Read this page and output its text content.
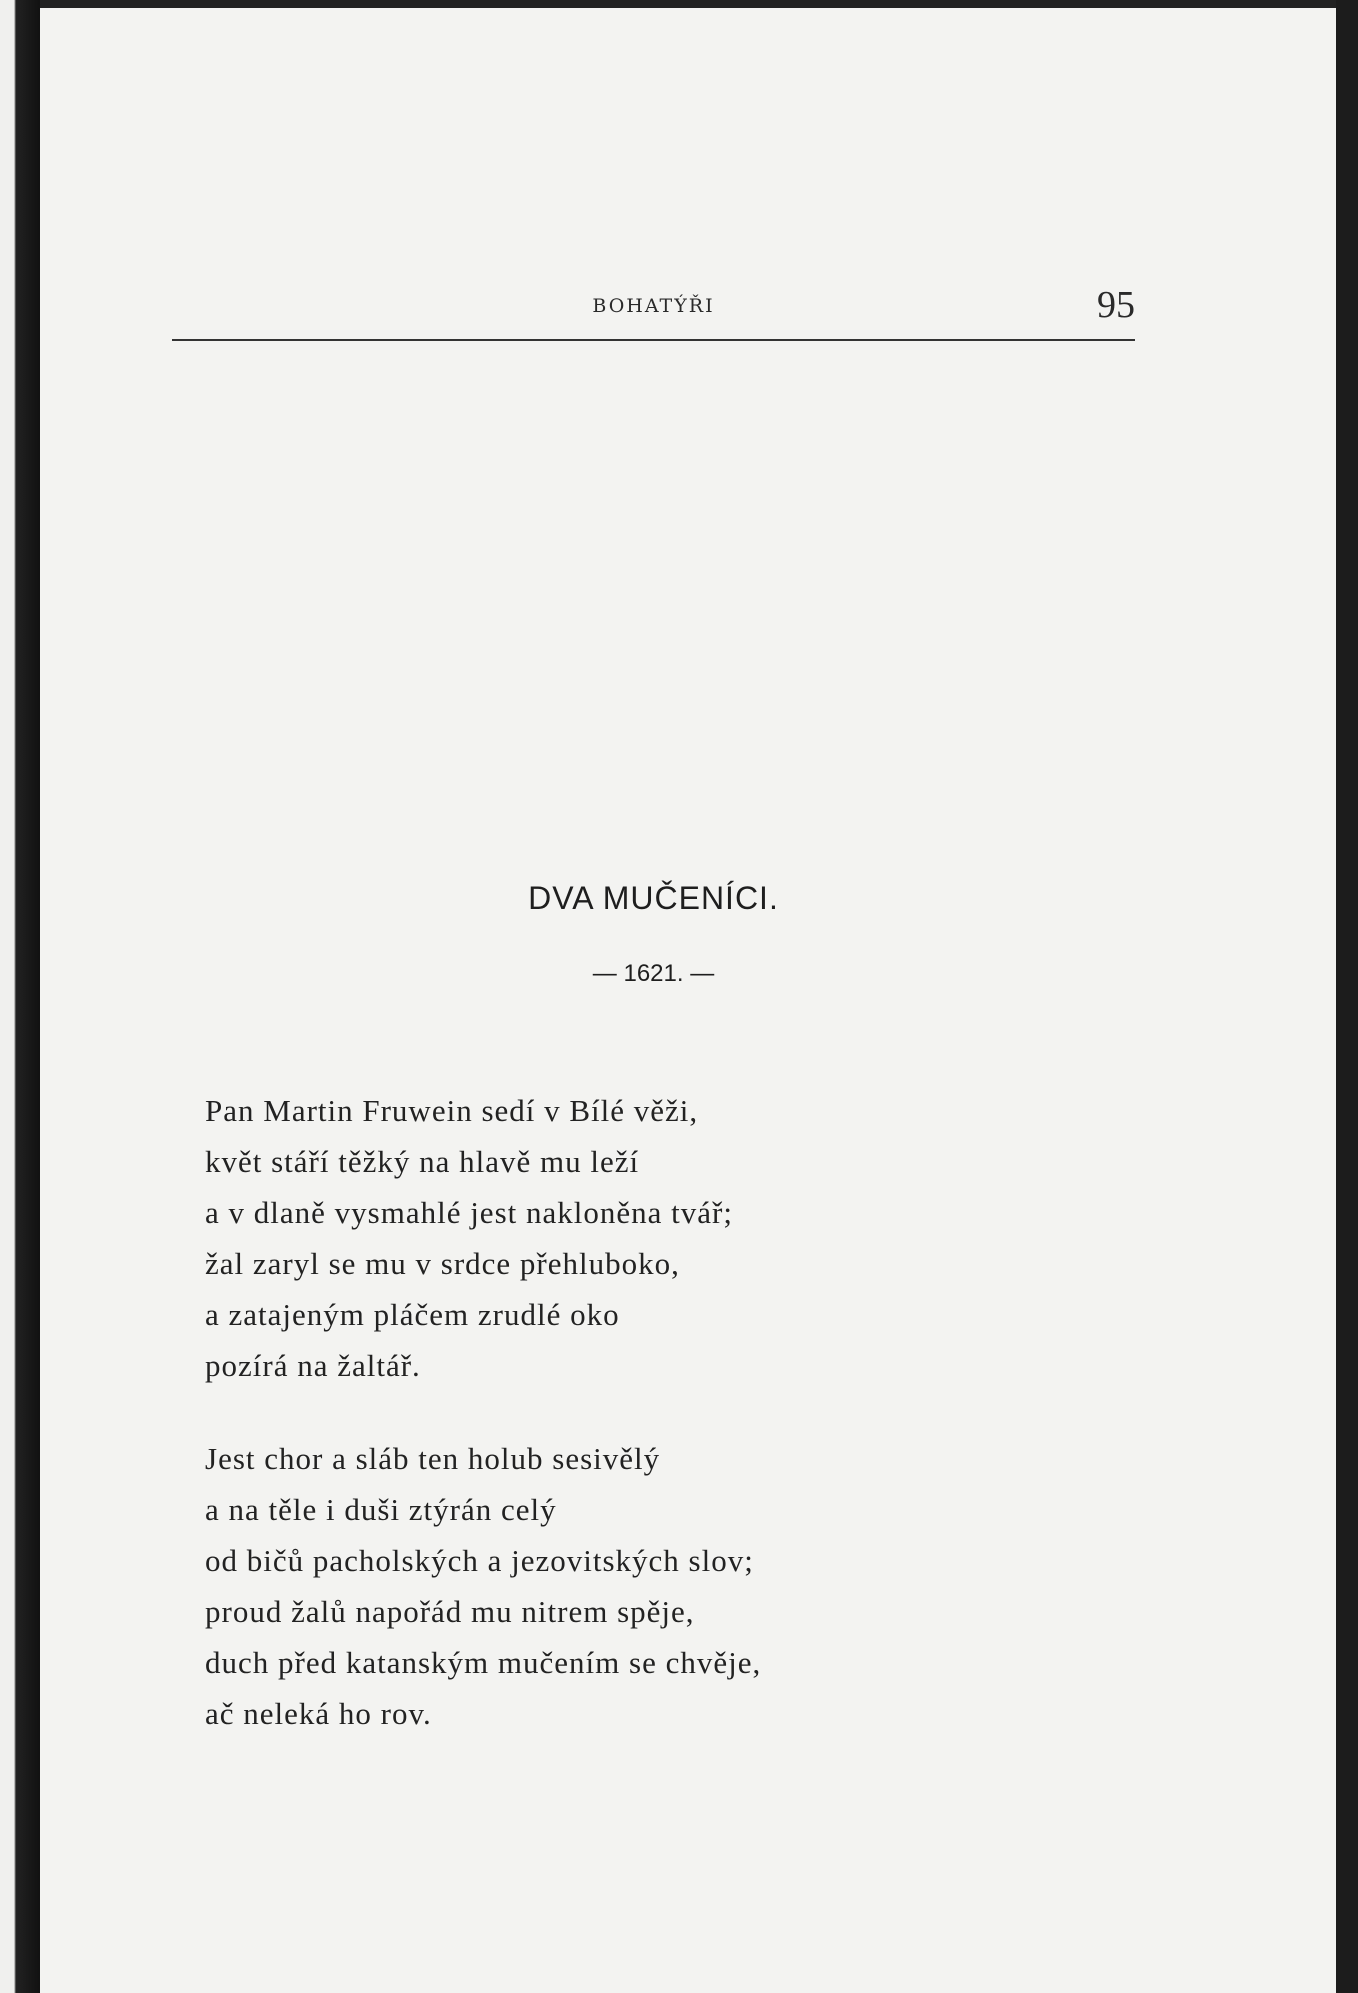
BOHATÝŘI	95
DVA MUČENÍCI.
— 1621. —
Pan Martin Fruwein sedí v Bílé věži,
květ stáří těžký na hlavě mu leží
a v dlaně vysmahlé jest nakloněna tvář;
žal zaryl se mu v srdce přehluboko,
a zatajeným pláčem zrudlé oko
pozírá na žaltář.
Jest chor a sláb ten holub sesivělý
a na těle i duši ztýrán celý
od bičů pacholských a jezovitských slov;
proud žalů napořád mu nitrem spěje,
duch před katanským mučením se chvěje,
ač neleká ho rov.
